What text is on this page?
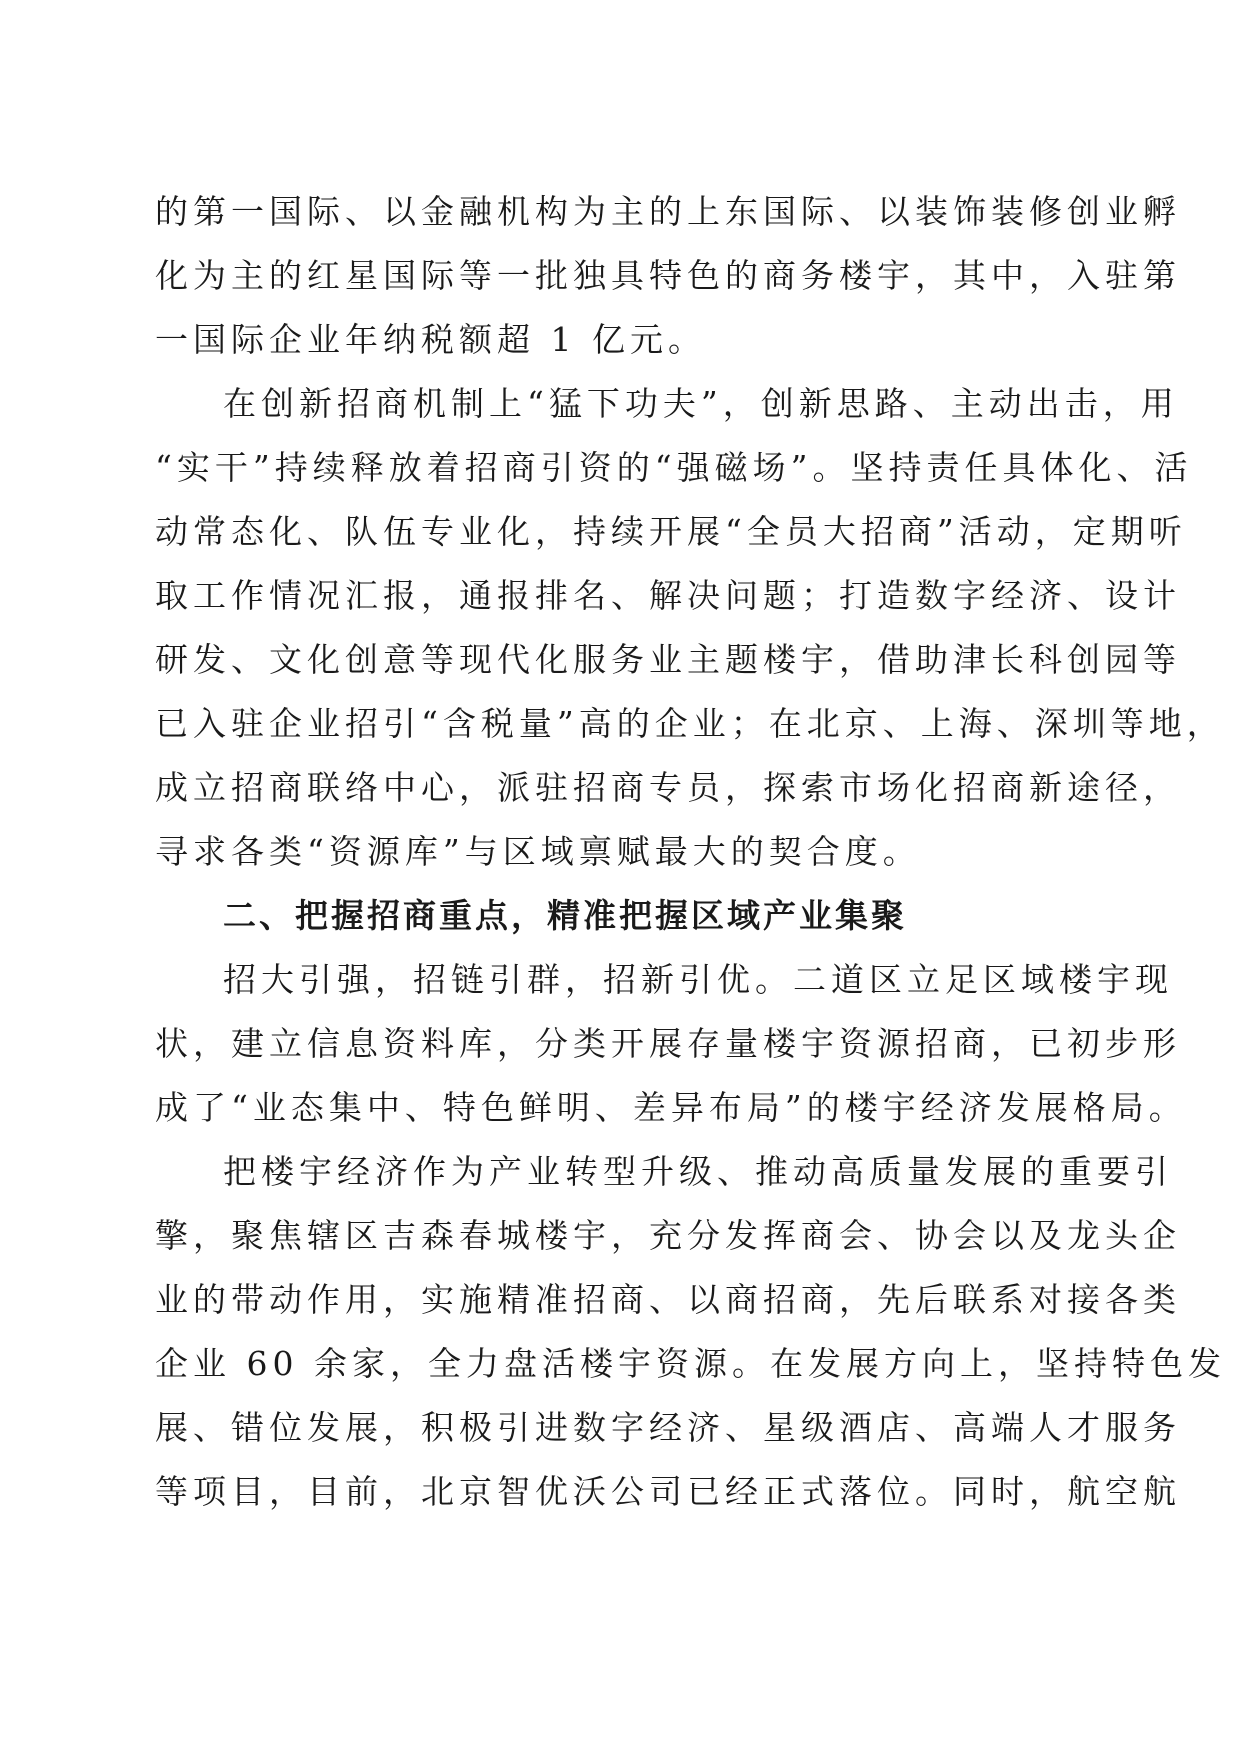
的第一国际、以金融机构为主的上东国际、以装饰装修创业孵
化为主的红星国际等一批独具特色的商务楼宇，其中，入驻第
一国际企业年纳税额超 1 亿元。
在创新招商机制上“猛下功夫”，创新思路、主动出击，用
“实干”持续释放着招商引资的“强磁场”。坚持责任具体化、活
动常态化、队伍专业化，持续开展“全员大招商”活动，定期听
取工作情况汇报，通报排名、解决问题；打造数字经济、设计
研发、文化创意等现代化服务业主题楼宇，借助津长科创园等
已入驻企业招引“含税量”高的企业；在北京、上海、深圳等地，
成立招商联络中心，派驻招商专员，探索市场化招商新途径，
寻求各类“资源库”与区域禀赋最大的契合度。
二、把握招商重点，精准把握区域产业集聚
招大引强，招链引群，招新引优。二道区立足区域楼宇现
状，建立信息资料库，分类开展存量楼宇资源招商，已初步形
成了“业态集中、特色鲜明、差异布局”的楼宇经济发展格局。
把楼宇经济作为产业转型升级、推动高质量发展的重要引
擎，聚焦辖区吉森春城楼宇，充分发挥商会、协会以及龙头企
业的带动作用，实施精准招商、以商招商，先后联系对接各类
企业 60 余家，全力盘活楼宇资源。在发展方向上，坚持特色发
展、错位发展，积极引进数字经济、星级酒店、高端人才服务
等项目，目前，北京智优沃公司已经正式落位。同时，航空航
